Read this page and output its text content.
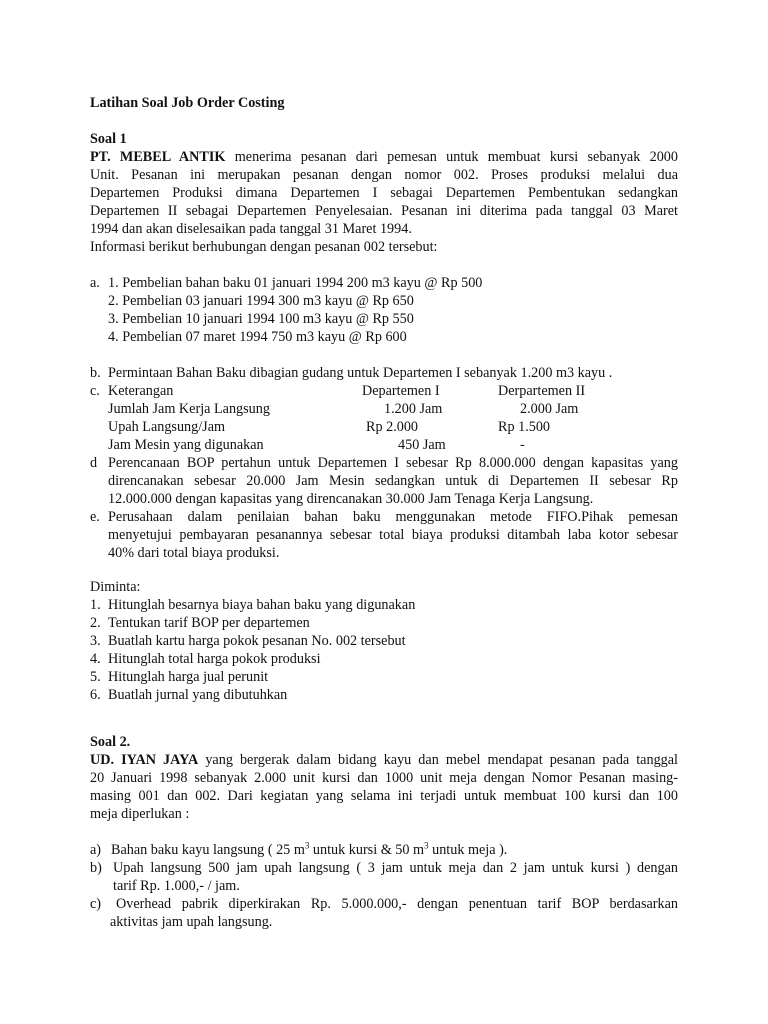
Latihan Soal Job Order Costing
Soal 1
PT. MEBEL ANTIK menerima pesanan dari pemesan untuk membuat kursi sebanyak 2000
Unit. Pesanan ini merupakan pesanan dengan nomor 002. Proses produksi melalui dua
Departemen Produksi dimana Departemen I sebagai Departemen Pembentukan sedangkan
Departemen II sebagai Departemen Penyelesaian. Pesanan ini diterima pada tanggal 03 Maret
1994 dan akan diselesaikan pada tanggal 31 Maret 1994.
Informasi berikut berhubungan dengan pesanan 002 tersebut:
a. 1. Pembelian bahan baku 01 januari 1994 200 m3 kayu @ Rp 500
2. Pembelian 03 januari 1994 300 m3 kayu @ Rp 650
3. Pembelian 10 januari 1994 100 m3 kayu @ Rp 550
4. Pembelian 07 maret 1994 750 m3 kayu @ Rp 600
b. Permintaan Bahan Baku dibagian gudang untuk Departemen I sebanyak 1.200 m3 kayu .
c. Keterangan	Departemen I	Derpartemen II
Jumlah Jam Kerja Langsung	1.200 Jam	2.000 Jam
Upah Langsung/Jam	Rp 2.000	Rp 1.500
Jam Mesin yang digunakan	450 Jam	-
d Perencanaan BOP pertahun untuk Departemen I sebesar Rp 8.000.000 dengan kapasitas yang
direncanakan sebesar 20.000 Jam Mesin sedangkan untuk di Departemen II sebesar Rp
12.000.000 dengan kapasitas yang direncanakan 30.000 Jam Tenaga Kerja Langsung.
e. Perusahaan dalam penilaian bahan baku menggunakan metode FIFO.Pihak pemesan
menyetujui pembayaran pesanannya sebesar total biaya produksi ditambah laba kotor sebesar
40% dari total biaya produksi.
Diminta:
1. Hitunglah besarnya biaya bahan baku yang digunakan
2. Tentukan tarif BOP per departemen
3. Buatlah kartu harga pokok pesanan No. 002 tersebut
4. Hitunglah total harga pokok produksi
5. Hitunglah harga jual perunit
6. Buatlah jurnal yang dibutuhkan
Soal 2.
UD. IYAN JAYA yang bergerak dalam bidang kayu dan mebel mendapat pesanan pada tanggal
20 Januari 1998 sebanyak 2.000 unit kursi dan 1000 unit meja dengan Nomor Pesanan masing-
masing 001 dan 002. Dari kegiatan yang selama ini terjadi untuk membuat 100 kursi dan 100
meja diperlukan :
a) Bahan baku kayu langsung ( 25 $m^3$ untuk kursi & 50 $m^3$ untuk meja ).
b) Upah langsung 500 jam upah langsung ( 3 jam untuk meja dan 2 jam untuk kursi ) dengan
tarif Rp. 1.000,- / jam.
c) Overhead pabrik diperkirakan Rp. 5.000.000,- dengan penentuan tarif BOP berdasarkan
aktivitas jam upah langsung.
